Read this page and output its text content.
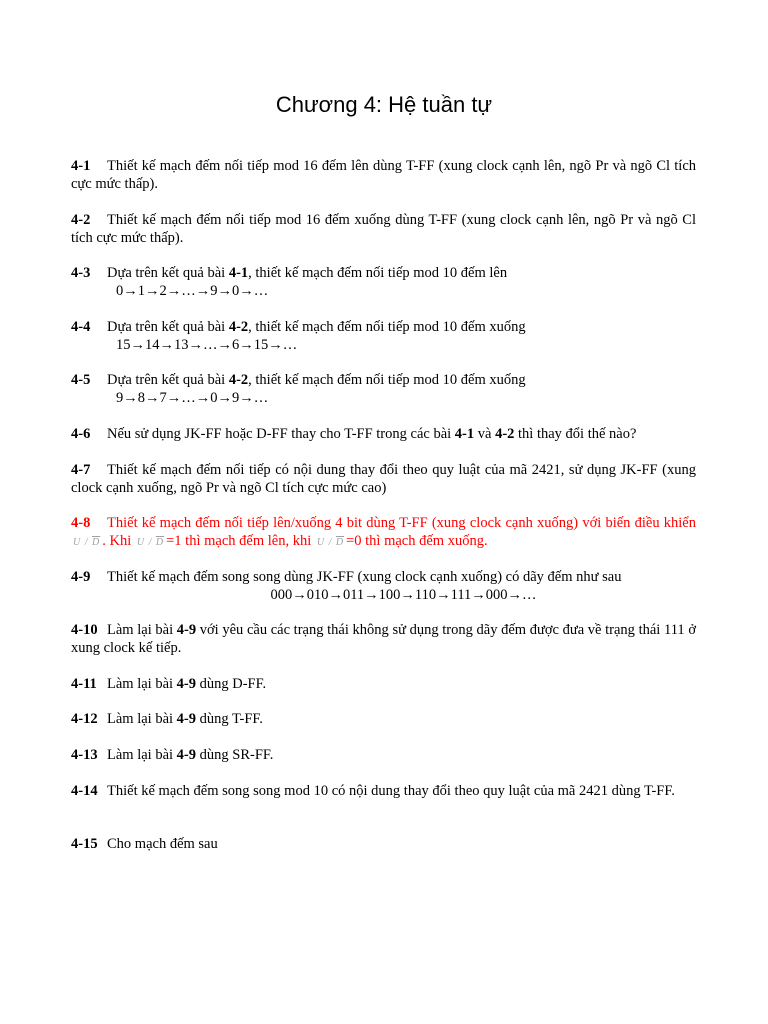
Chương 4: Hệ tuần tự
4-1 Thiết kế mạch đếm nối tiếp mod 16 đếm lên dùng T-FF (xung clock cạnh lên, ngõ Pr và ngõ Cl tích cực mức thấp).
4-2 Thiết kế mạch đếm nối tiếp mod 16 đếm xuống dùng T-FF (xung clock cạnh lên, ngõ Pr và ngõ Cl tích cực mức thấp).
4-3 Dựa trên kết quả bài 4-1, thiết kế mạch đếm nối tiếp mod 10 đếm lên
0→1→2→…→9→0→…
4-4 Dựa trên kết quả bài 4-2, thiết kế mạch đếm nối tiếp mod 10 đếm xuống
15→14→13→…→6→15→…
4-5 Dựa trên kết quả bài 4-2, thiết kế mạch đếm nối tiếp mod 10 đếm xuống
9→8→7→…→0→9→…
4-6 Nếu sử dụng JK-FF hoặc D-FF thay cho T-FF trong các bài 4-1 và 4-2 thì thay đổi thế nào?
4-7 Thiết kế mạch đếm nối tiếp có nội dung thay đổi theo quy luật của mã 2421, sử dụng JK-FF (xung clock cạnh xuống, ngõ Pr và ngõ Cl tích cực mức cao)
4-8 Thiết kế mạch đếm nối tiếp lên/xuống 4 bit dùng T-FF (xung clock cạnh xuống) với biến điều khiển U / $\overline{D}$ . Khi $U / \overline{D} =1$ thì mạch đếm lên, khi $U / \overline{D} =0$ thì mạch đếm xuống.
4-9 Thiết kế mạch đếm song song dùng JK-FF (xung clock cạnh xuống) có dãy đếm như sau
000→010→011→100→110→111→000→…
4-10 Làm lại bài 4-9 với yêu cầu các trạng thái không sử dụng trong dãy đếm được đưa về trạng thái 111 ở xung clock kế tiếp.
4-11 Làm lại bài 4-9 dùng D-FF.
4-12 Làm lại bài 4-9 dùng T-FF.
4-13 Làm lại bài 4-9 dùng SR-FF.
4-14 Thiết kế mạch đếm song song mod 10 có nội dung thay đổi theo quy luật của mã 2421 dùng T-FF.
4-15 Cho mạch đếm sau
